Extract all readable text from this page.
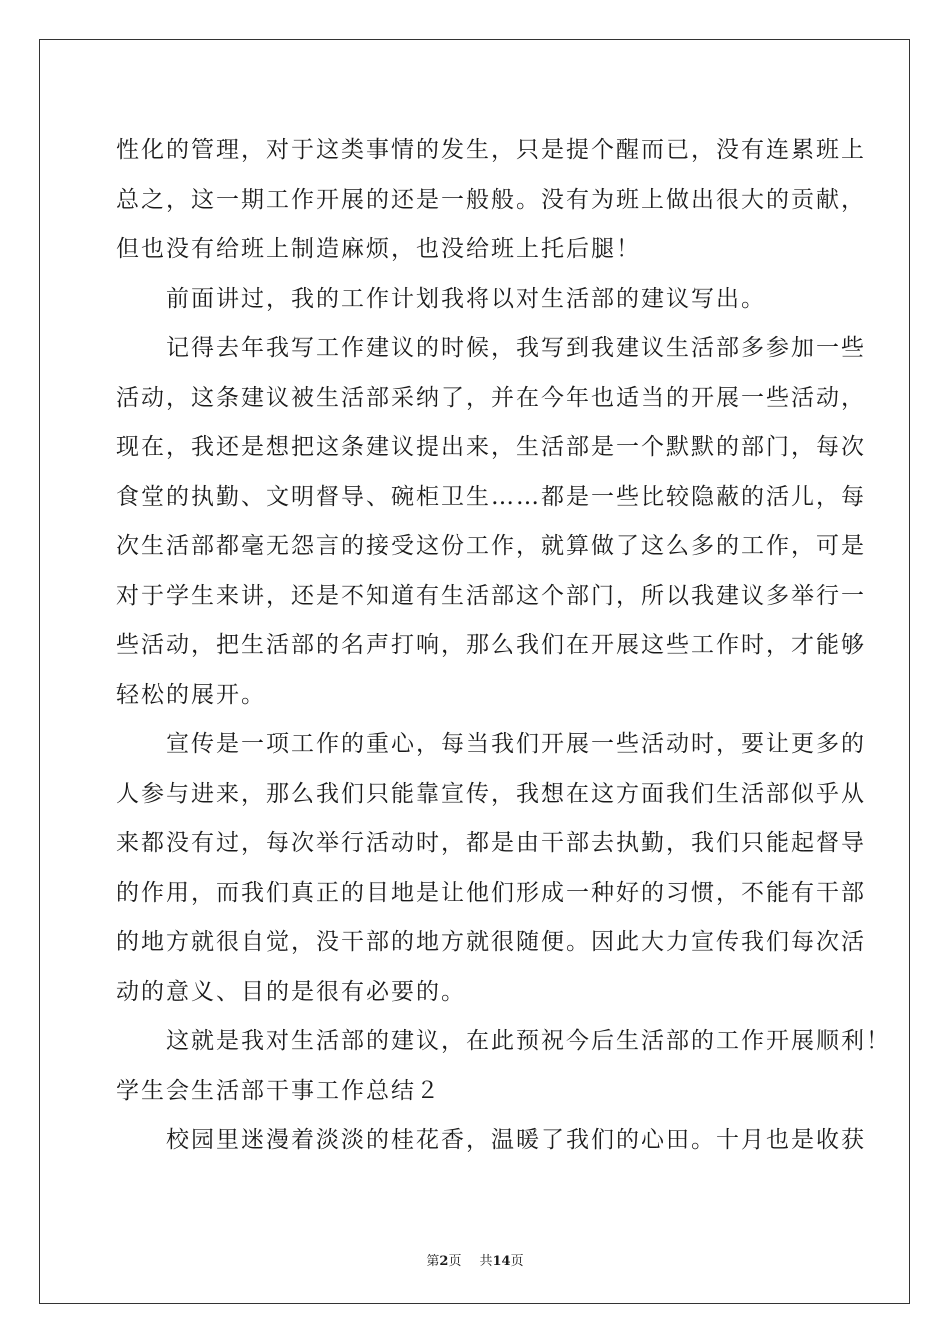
性化的管理，对于这类事情的发生，只是提个醒而已，没有连累班上
总之，这一期工作开展的还是一般般。没有为班上做出很大的贡献，
但也没有给班上制造麻烦，也没给班上托后腿！
　　前面讲过，我的工作计划我将以对生活部的建议写出。
　　记得去年我写工作建议的时候，我写到我建议生活部多参加一些
活动，这条建议被生活部采纳了，并在今年也适当的开展一些活动，
现在，我还是想把这条建议提出来，生活部是一个默默的部门，每次
食堂的执勤、文明督导、碗柜卫生……都是一些比较隐蔽的活儿，每
次生活部都毫无怨言的接受这份工作，就算做了这么多的工作，可是
对于学生来讲，还是不知道有生活部这个部门，所以我建议多举行一
些活动，把生活部的名声打响，那么我们在开展这些工作时，才能够
轻松的展开。
　　宣传是一项工作的重心，每当我们开展一些活动时，要让更多的
人参与进来，那么我们只能靠宣传，我想在这方面我们生活部似乎从
来都没有过，每次举行活动时，都是由干部去执勤，我们只能起督导
的作用，而我们真正的目地是让他们形成一种好的习惯，不能有干部
的地方就很自觉，没干部的地方就很随便。因此大力宣传我们每次活
动的意义、目的是很有必要的。
　　这就是我对生活部的建议，在此预祝今后生活部的工作开展顺利！
学生会生活部干事工作总结２
　　校园里迷漫着淡淡的桂花香，温暖了我们的心田。十月也是收获
第2页 共14页
